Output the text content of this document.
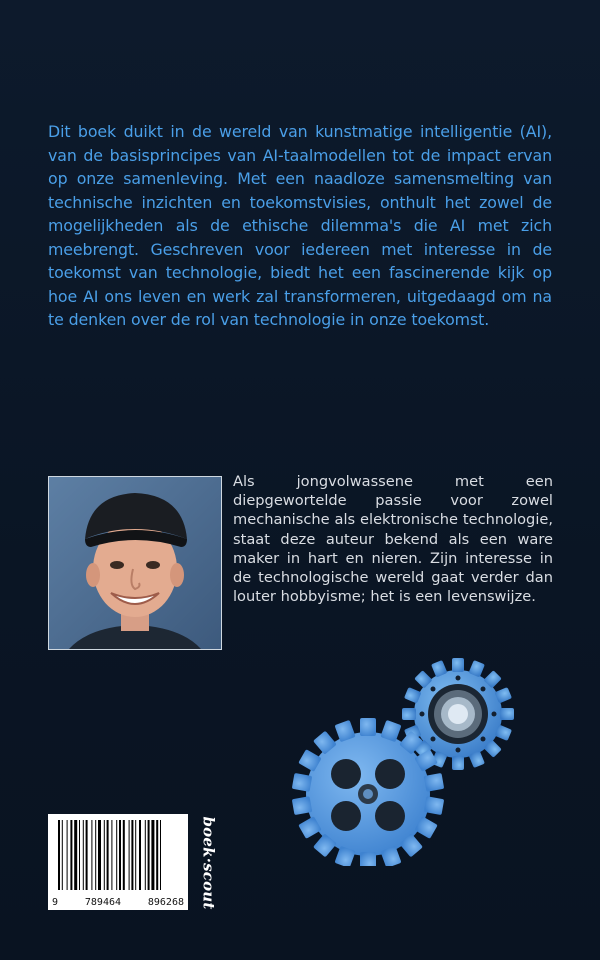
Dit boek duikt in de wereld van kunstmatige intelligentie (AI), van de basisprincipes van AI-taalmodellen tot de impact ervan op onze samenleving. Met een naadloze samensmelting van technische inzichten en toekomstvisies, onthult het zowel de mogelijkheden als de ethische dilemma's die AI met zich meebrengt. Geschreven voor iedereen met interesse in de toekomst van technologie, biedt het een fascinerende kijk op hoe AI ons leven en werk zal transformeren, uitgedaagd om na te denken over de rol van technologie in onze toekomst.
Als jongvolwassene met een diepgewortelde passie voor zowel mechanische als elektronische technologie, staat deze auteur bekend als een ware maker in hart en nieren. Zijn interesse in de technologische wereld gaat verder dan louter hobbyisme; het is een levenswijze.
9	789464	896268 boek·scout
